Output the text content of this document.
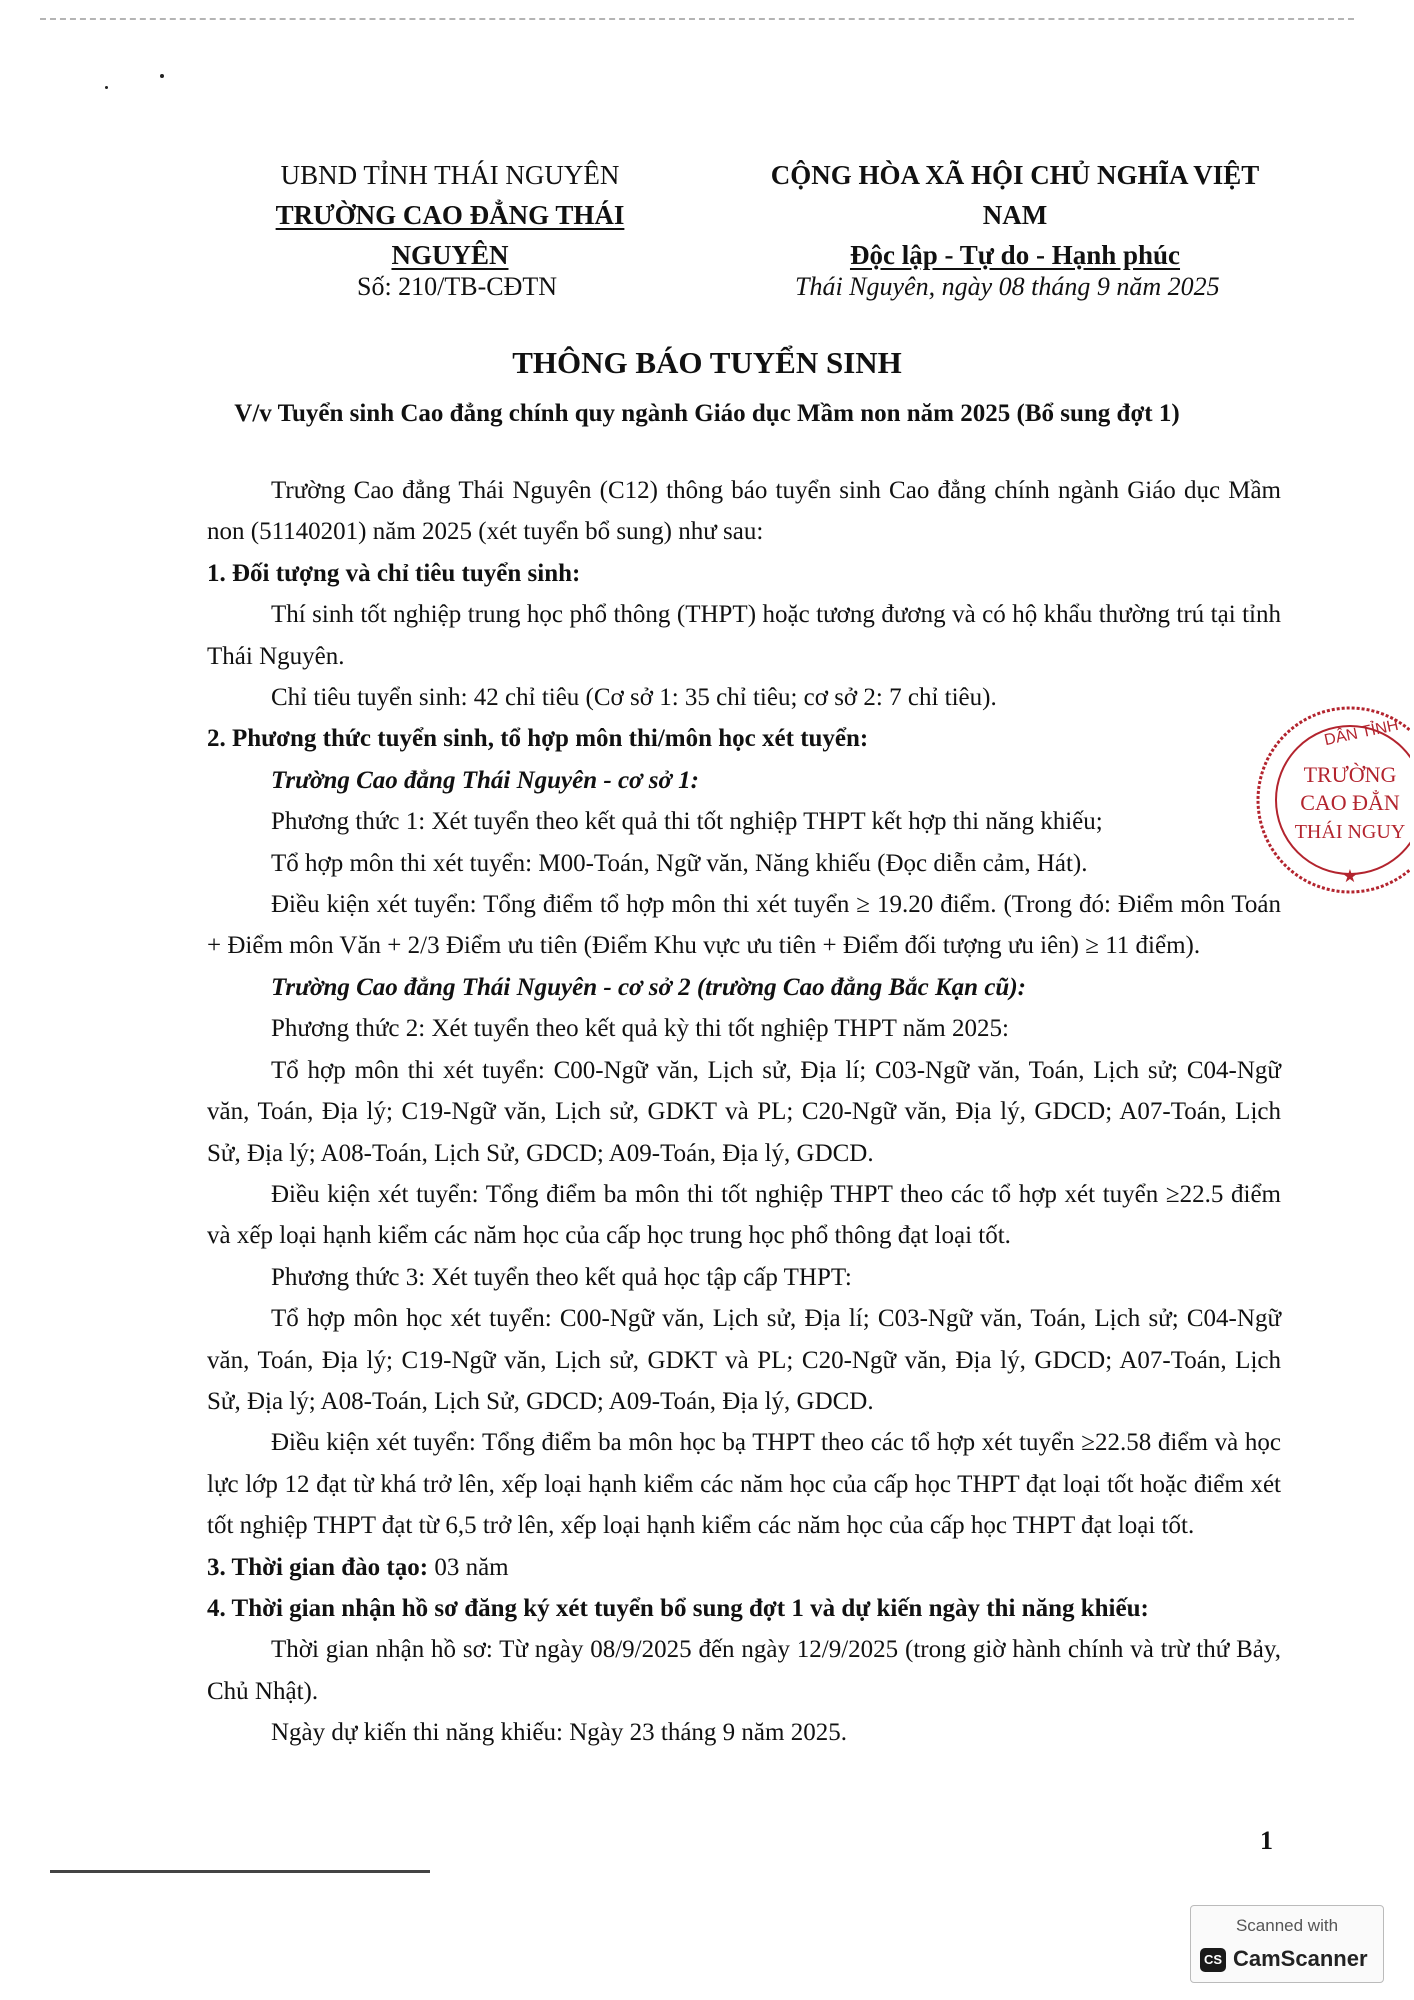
UBND TỈNH THÁI NGUYÊN
TRƯỜNG CAO ĐẲNG THÁI NGUYÊN
CỘNG HÒA XÃ HỘI CHỦ NGHĨA VIỆT NAM
Độc lập - Tự do - Hạnh phúc
Số: 210/TB-CĐTN	Thái Nguyên, ngày 08 tháng 9 năm 2025
THÔNG BÁO TUYỂN SINH
V/v Tuyển sinh Cao đẳng chính quy ngành Giáo dục Mầm non năm 2025 (Bổ sung đợt 1)

Trường Cao đẳng Thái Nguyên (C12) thông báo tuyển sinh Cao đẳng chính ngành Giáo dục Mầm non (51140201) năm 2025 (xét tuyển bổ sung) như sau:

1. Đối tượng và chỉ tiêu tuyển sinh:

Thí sinh tốt nghiệp trung học phổ thông (THPT) hoặc tương đương và có hộ khẩu thường trú tại tỉnh Thái Nguyên.

Chỉ tiêu tuyển sinh: 42 chỉ tiêu (Cơ sở 1: 35 chỉ tiêu; cơ sở 2: 7 chỉ tiêu).

2. Phương thức tuyển sinh, tổ hợp môn thi/môn học xét tuyển:

Trường Cao đẳng Thái Nguyên - cơ sở 1:

Phương thức 1: Xét tuyển theo kết quả thi tốt nghiệp THPT kết hợp thi năng khiếu;

Tổ hợp môn thi xét tuyển: M00-Toán, Ngữ văn, Năng khiếu (Đọc diễn cảm, Hát).

Điều kiện xét tuyển: Tổng điểm tổ hợp môn thi xét tuyển ≥ 19.20 điểm. (Trong đó: Điểm môn Toán + Điểm môn Văn + 2/3 Điểm ưu tiên (Điểm Khu vực ưu tiên + Điểm đối tượng ưu iên) ≥ 11 điểm).

Trường Cao đẳng Thái Nguyên - cơ sở 2 (trường Cao đẳng Bắc Kạn cũ):

Phương thức 2: Xét tuyển theo kết quả kỳ thi tốt nghiệp THPT năm 2025:

Tổ hợp môn thi xét tuyển: C00-Ngữ văn, Lịch sử, Địa lí; C03-Ngữ văn, Toán, Lịch sử; C04-Ngữ văn, Toán, Địa lý; C19-Ngữ văn, Lịch sử, GDKT và PL; C20-Ngữ văn, Địa lý, GDCD; A07-Toán, Lịch Sử, Địa lý; A08-Toán, Lịch Sử, GDCD; A09-Toán, Địa lý, GDCD.

Điều kiện xét tuyển: Tổng điểm ba môn thi tốt nghiệp THPT theo các tổ hợp xét tuyển ≥22.5 điểm và xếp loại hạnh kiểm các năm học của cấp học trung học phổ thông đạt loại tốt.

Phương thức 3: Xét tuyển theo kết quả học tập cấp THPT:

Tổ hợp môn học xét tuyển: C00-Ngữ văn, Lịch sử, Địa lí; C03-Ngữ văn, Toán, Lịch sử; C04-Ngữ văn, Toán, Địa lý; C19-Ngữ văn, Lịch sử, GDKT và PL; C20-Ngữ văn, Địa lý, GDCD; A07-Toán, Lịch Sử, Địa lý; A08-Toán, Lịch Sử, GDCD; A09-Toán, Địa lý, GDCD.

Điều kiện xét tuyển: Tổng điểm ba môn học bạ THPT theo các tổ hợp xét tuyển ≥22.58 điểm và học lực lớp 12 đạt từ khá trở lên, xếp loại hạnh kiểm các năm học của cấp học THPT đạt loại tốt hoặc điểm xét tốt nghiệp THPT đạt từ 6,5 trở lên, xếp loại hạnh kiểm các năm học của cấp học THPT đạt loại tốt.

3. Thời gian đào tạo: 03 năm

4. Thời gian nhận hồ sơ đăng ký xét tuyển bổ sung đợt 1 và dự kiến ngày thi năng khiếu:

Thời gian nhận hồ sơ: Từ ngày 08/9/2025 đến ngày 12/9/2025 (trong giờ hành chính và trừ thứ Bảy, Chủ Nhật).

Ngày dự kiến thi năng khiếu: Ngày 23 tháng 9 năm 2025.

DÂN TỈNH
TRƯỜNG
CAO ĐẲN
THÁI NGUY
★
1
Scanned with
CS CamScanner
